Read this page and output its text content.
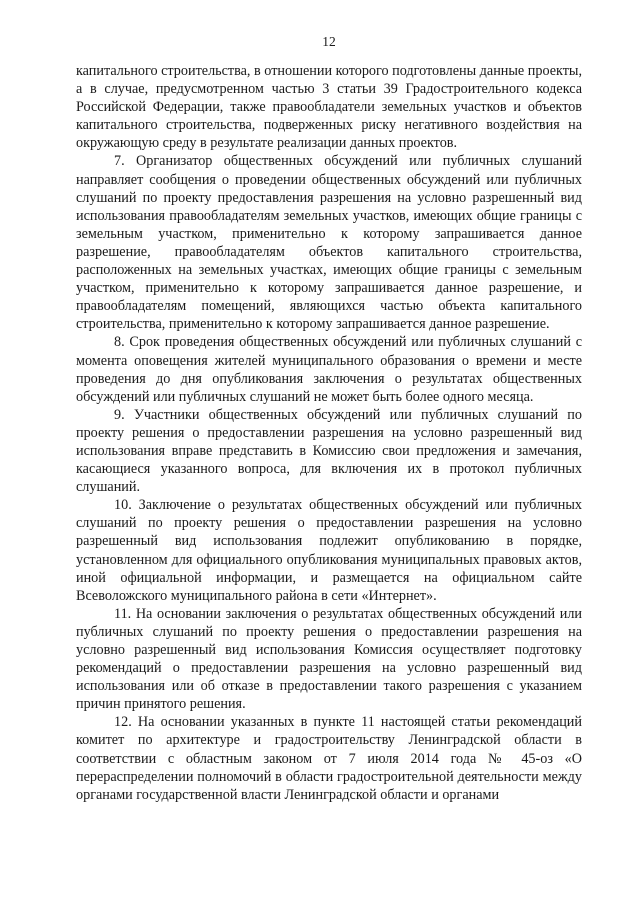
12

капитального строительства, в отношении которого подготовлены данные проекты, а в случае, предусмотренном частью 3 статьи 39 Градостроительного кодекса Российской Федерации, также правообладатели земельных участков и объектов капитального строительства, подверженных риску негативного воздействия на окружающую среду в результате реализации данных проектов.

7. Организатор общественных обсуждений или публичных слушаний направляет сообщения о проведении общественных обсуждений или публичных слушаний по проекту предоставления разрешения на условно разрешенный вид использования правообладателям земельных участков, имеющих общие границы с земельным участком, применительно к которому запрашивается данное разрешение, правообладателям объектов капитального строительства, расположенных на земельных участках, имеющих общие границы с земельным участком, применительно к которому запрашивается данное разрешение, и правообладателям помещений, являющихся частью объекта капитального строительства, применительно к которому запрашивается данное разрешение.

8. Срок проведения общественных обсуждений или публичных слушаний с момента оповещения жителей муниципального образования о времени и месте проведения до дня опубликования заключения о результатах общественных обсуждений или публичных слушаний не может быть более одного месяца.

9. Участники общественных обсуждений или публичных слушаний по проекту решения о предоставлении разрешения на условно разрешенный вид использования вправе представить в Комиссию свои предложения и замечания, касающиеся указанного вопроса, для включения их в протокол публичных слушаний.

10. Заключение о результатах общественных обсуждений или публичных слушаний по проекту решения о предоставлении разрешения на условно разрешенный вид использования подлежит опубликованию в порядке, установленном для официального опубликования муниципальных правовых актов, иной официальной информации, и размещается на официальном сайте Всеволожского муниципального района в сети «Интернет».

11. На основании заключения о результатах общественных обсуждений или публичных слушаний по проекту решения о предоставлении разрешения на условно разрешенный вид использования Комиссия осуществляет подготовку рекомендаций о предоставлении разрешения на условно разрешенный вид использования или об отказе в предоставлении такого разрешения с указанием причин принятого решения.

12. На основании указанных в пункте 11 настоящей статьи рекомендаций комитет по архитектуре и градостроительству Ленинградской области в соответствии с областным законом от 7 июля 2014 года № 45-оз «О перераспределении полномочий в области градостроительной деятельности между органами государственной власти Ленинградской области и органами
